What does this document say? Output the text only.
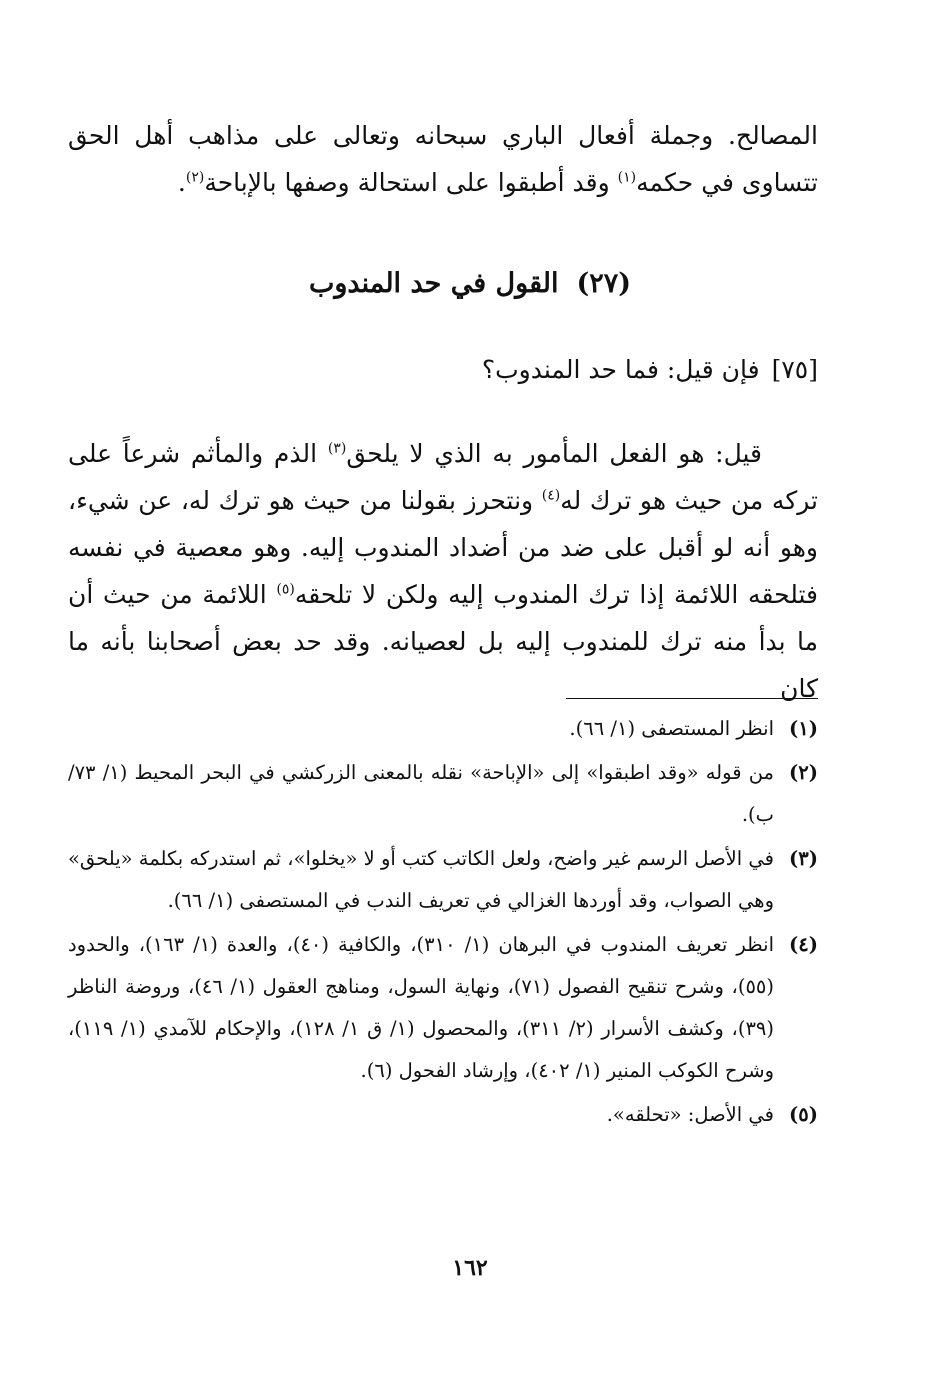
المصالح. وجملة أفعال الباري سبحانه وتعالى على مذاهب أهل الحق تتساوى في حكمه$^{(١)}$ وقد أطبقوا على استحالة وصفها بالإباحة$^{(٢)}$.

(٢٧)القول في حد المندوب

[٧٥]فإن قيل: فما حد المندوب؟

قيل: هو الفعل المأمور به الذي لا يلحق$^{(٣)}$ الذم والمأثم شرعاً على تركه من حيث هو ترك له$^{(٤)}$ ونتحرز بقولنا من حيث هو ترك له، عن شيء، وهو أنه لو أقبل على ضد من أضداد المندوب إليه. وهو معصية في نفسه فتلحقه اللائمة إذا ترك المندوب إليه ولكن لا تلحقه$^{(٥)}$ اللائمة من حيث أن ما بدأ منه ترك للمندوب إليه بل لعصيانه. وقد حد بعض أصحابنا بأنه ما كان

(١)
انظر المستصفى (١/ ٦٦).
(٢)
من قوله «وقد اطبقوا» إلى «الإباحة» نقله بالمعنى الزركشي في البحر المحيط (١/ ٧٣/ ب).
(٣)
في الأصل الرسم غير واضح، ولعل الكاتب كتب أو لا «يخلوا»، ثم استدركه بكلمة «يلحق» وهي الصواب، وقد أوردها الغزالي في تعريف الندب في المستصفى (١/ ٦٦).
(٤)
انظر تعريف المندوب في البرهان (١/ ٣١٠)، والكافية (٤٠)، والعدة (١/ ١٦٣)، والحدود (٥٥)، وشرح تنقيح الفصول (٧١)، ونهاية السول، ومناهج العقول (١/ ٤٦)، وروضة الناظر (٣٩)، وكشف الأسرار (٢/ ٣١١)، والمحصول (١/ ق ١/ ١٢٨)، والإحكام للآمدي (١/ ١١٩)، وشرح الكوكب المنير (١/ ٤٠٢)، وإرشاد الفحول (٦).
(٥)
في الأصل: «تحلقه».
١٦٢
